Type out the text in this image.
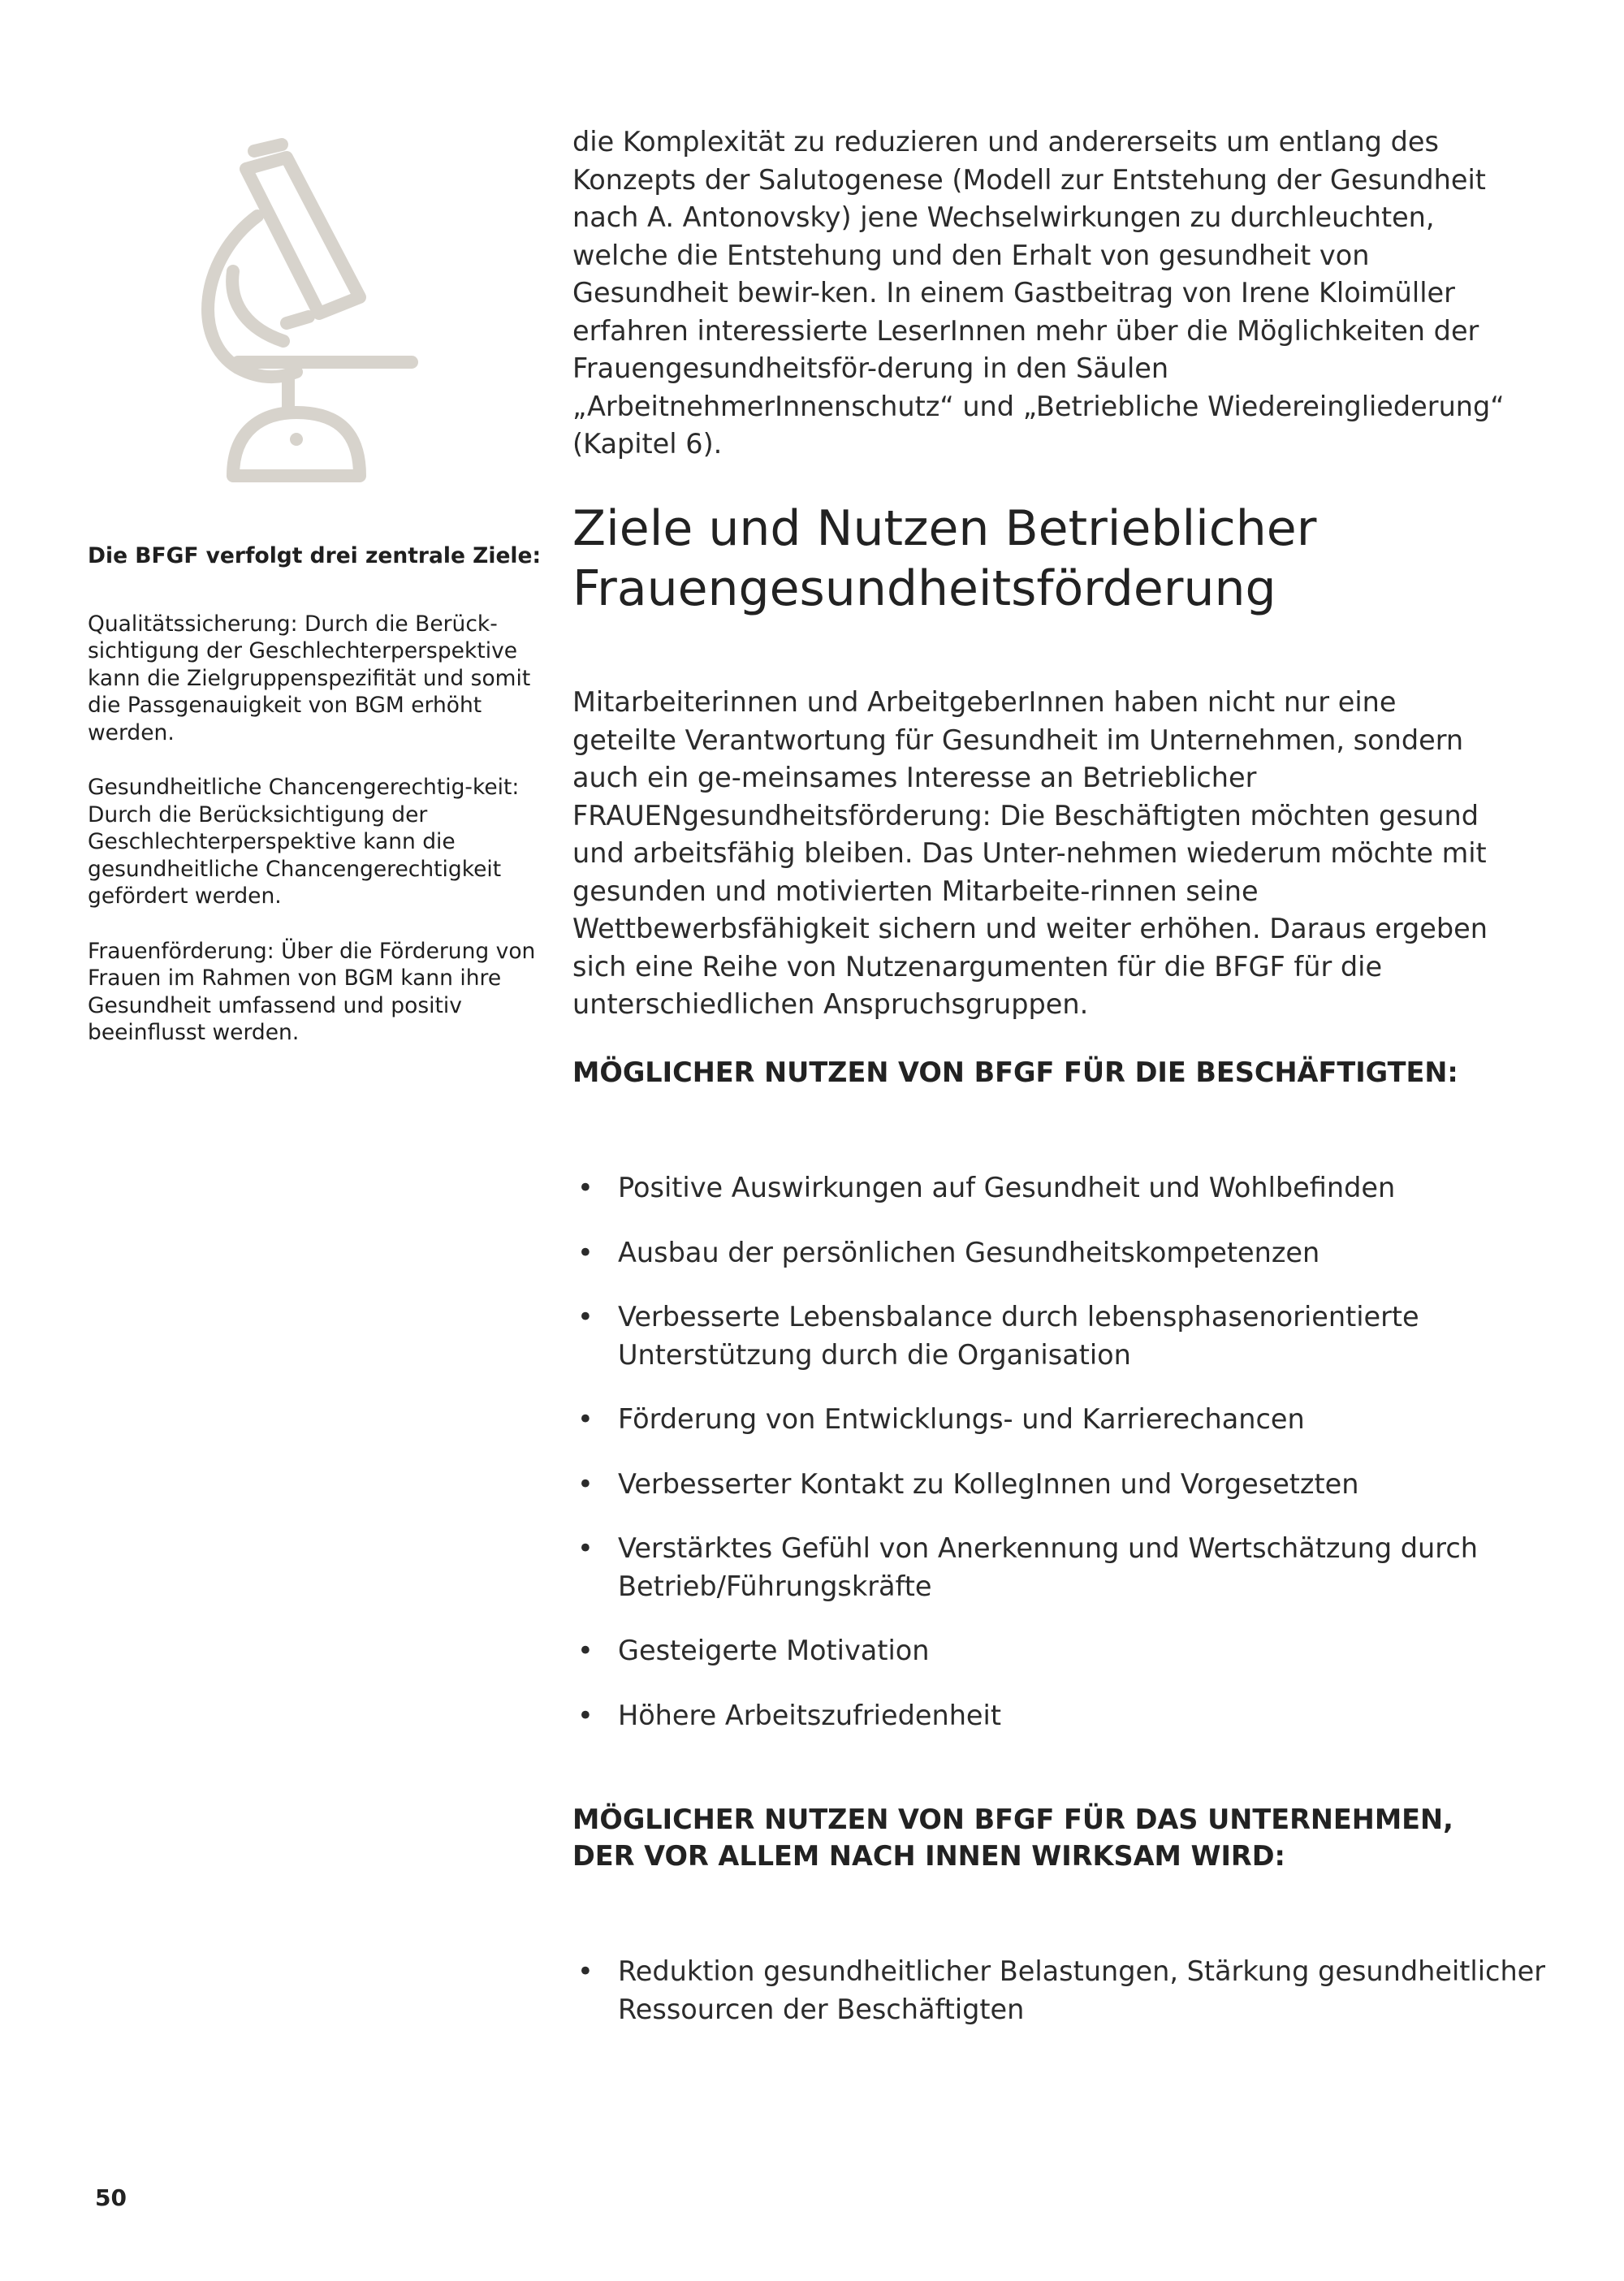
Die BFGF verfolgt drei zentrale Ziele:

Qualitätssicherung: Durch die Berück-sichtigung der Geschlechterperspektive kann die Zielgruppenspezifität und somit die Passgenauigkeit von BGM erhöht werden.

Gesundheitliche Chancengerechtig-keit: Durch die Berücksichtigung der Geschlechterperspektive kann die gesundheitliche Chancengerechtigkeit gefördert werden.

Frauenförderung: Über die Förderung von Frauen im Rahmen von BGM kann ihre Gesundheit umfassend und positiv beeinflusst werden.

die Komplexität zu reduzieren und andererseits um entlang des Konzepts der Salutogenese (Modell zur Entstehung der Gesundheit nach A. Antonovsky) jene Wechselwirkungen zu durchleuchten, welche die Entstehung und den Erhalt von gesundheit von Gesundheit bewir-ken. In einem Gastbeitrag von Irene Kloimüller erfahren interessierte LeserInnen mehr über die Möglichkeiten der Frauengesundheitsför-derung in den Säulen „ArbeitnehmerInnenschutz“ und „Betriebliche Wiedereingliederung“ (Kapitel 6).

Ziele und Nutzen Betrieblicher Frauengesundheitsförderung

Mitarbeiterinnen und ArbeitgeberInnen haben nicht nur eine geteilte Verantwortung für Gesundheit im Unternehmen, sondern auch ein ge-meinsames Interesse an Betrieblicher FRAUENgesundheitsförderung: Die Beschäftigten möchten gesund und arbeitsfähig bleiben. Das Unter-nehmen wiederum möchte mit gesunden und motivierten Mitarbeite-rinnen seine Wettbewerbsfähigkeit sichern und weiter erhöhen. Daraus ergeben sich eine Reihe von Nutzenargumenten für die BFGF für die unterschiedlichen Anspruchsgruppen.

MÖGLICHER NUTZEN VON BFGF FÜR DIE BESCHÄFTIGTEN:

• Positive Auswirkungen auf Gesundheit und Wohlbefinden
• Ausbau der persönlichen Gesundheitskompetenzen
• Verbesserte Lebensbalance durch lebensphasenorientierte Unterstützung durch die Organisation
• Förderung von Entwicklungs- und Karrierechancen
• Verbesserter Kontakt zu KollegInnen und Vorgesetzten
• Verstärktes Gefühl von Anerkennung und Wertschätzung durch Betrieb/Führungskräfte
• Gesteigerte Motivation
• Höhere Arbeitszufriedenheit

MÖGLICHER NUTZEN VON BFGF FÜR DAS UNTERNEHMEN,
DER VOR ALLEM NACH INNEN WIRKSAM WIRD:

• Reduktion gesundheitlicher Belastungen, Stärkung gesundheitlicher Ressourcen der Beschäftigten
50
